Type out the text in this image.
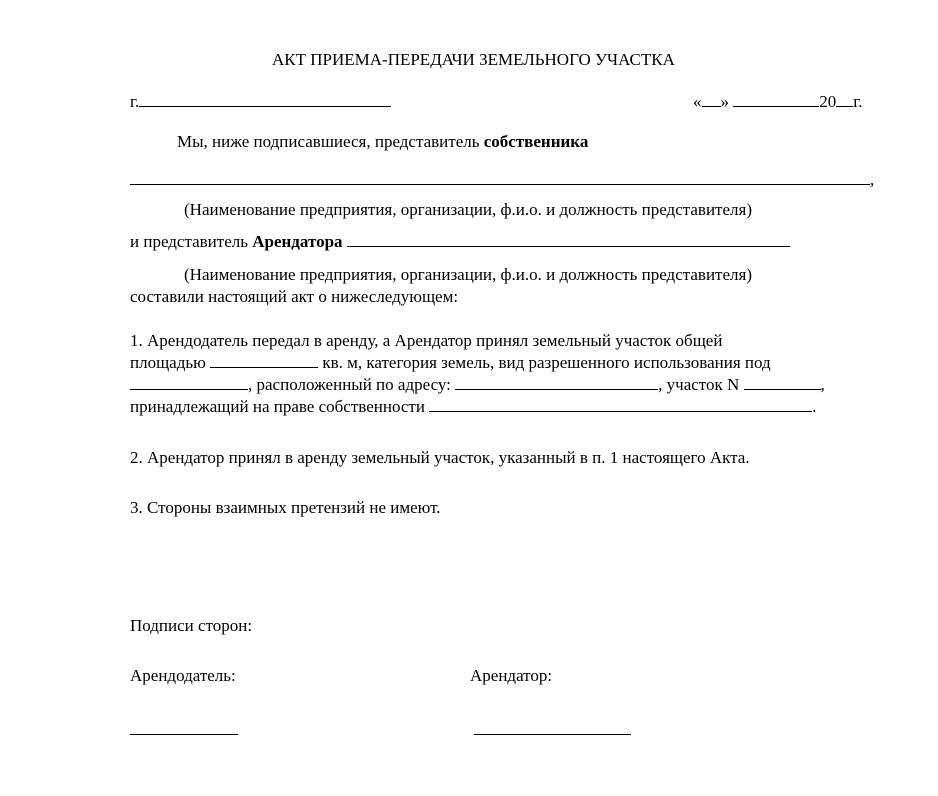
АКТ ПРИЕМА-ПЕРЕДАЧИ ЗЕМЕЛЬНОГО УЧАСТКА
г.	« »	20 г.
Мы, ниже подписавшиеся, представитель собственника
,
(Наименование предприятия, организации, ф.и.о. и должность представителя)
и представитель Арендатора
(Наименование предприятия, организации, ф.и.о. и должность представителя)
составили настоящий акт о нижеследующем:
1. Арендодатель передал в аренду, а Арендатор принял земельный участок общей
площадью	кв. м, категория земель, вид разрешенного использования под
, расположенный по адресу:	, участок N	,
принадлежащий на праве собственности	.
2. Арендатор принял в аренду земельный участок, указанный в п. 1 настоящего Акта.
3. Стороны взаимных претензий не имеют.
Подписи сторон:
Арендодатель:	Арендатор:
